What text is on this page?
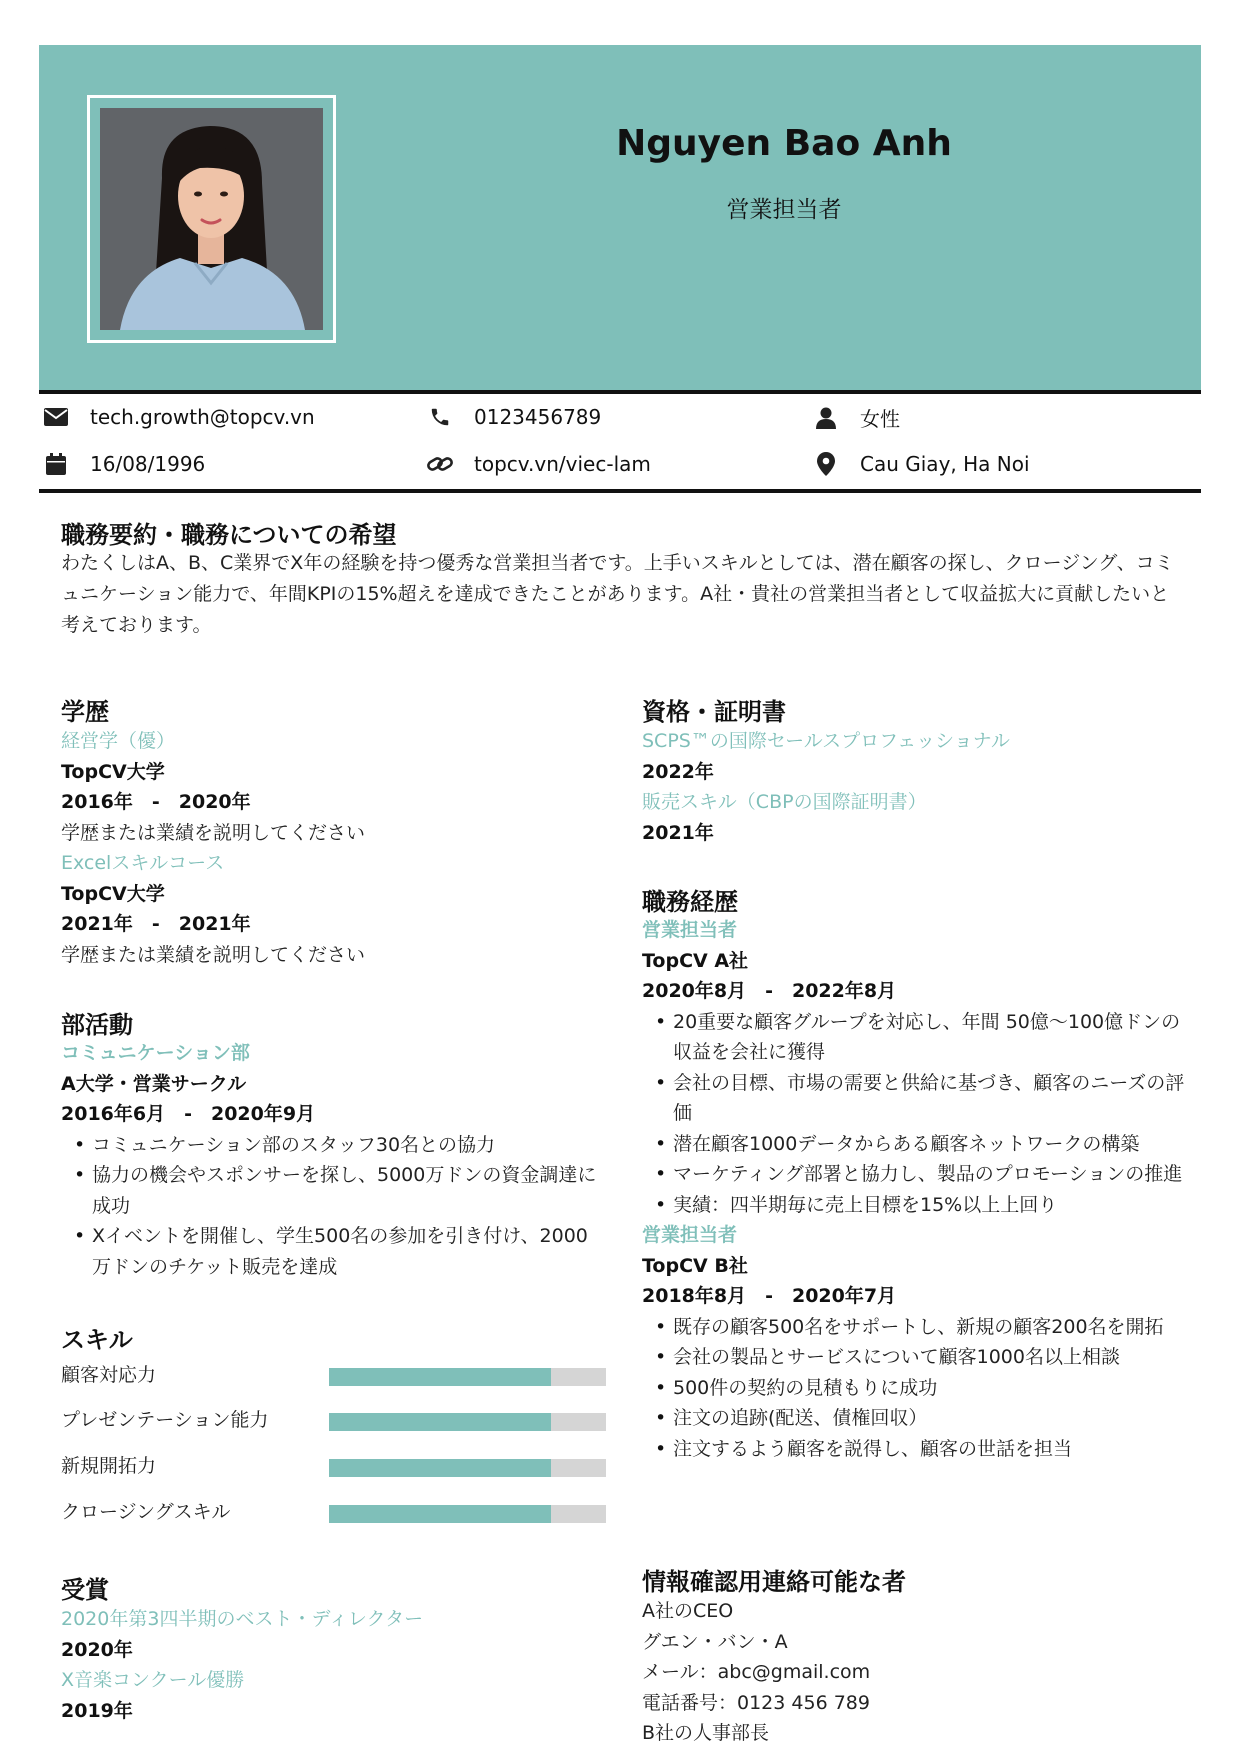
Nguyen Bao Anh
営業担当者
tech.growth@topcv.vn	0123456789	女性
16/08/1996	topcv.vn/viec-lam	Cau Giay, Ha Noi
職務要約・職務についての希望
わたくしはA、B、C業界でX年の経験を持つ優秀な営業担当者です。上手いスキルとしては、潜在顧客の探し、クロージング、コミュニケーション能力で、年間KPIの15%超えを達成できたことがあります。A社・貴社の営業担当者として収益拡大に貢献したいと考えております。
学歴
経営学（優）
TopCV大学
2016年　-　2020年
学歴または業績を説明してください
Excelスキルコース
TopCV大学
2021年　-　2021年
学歴または業績を説明してください
部活動
コミュニケーション部
A大学・営業サークル
2016年6月　-　2020年9月
• コミュニケーション部のスタッフ30名との協力
• 協力の機会やスポンサーを探し、5000万ドンの資金調達に成功
• Xイベントを開催し、学生500名の参加を引き付け、2000万ドンのチケット販売を達成
スキル
顧客対応力
プレゼンテーション能力
新規開拓力
クロージングスキル
受賞
2020年第3四半期のベスト・ディレクター
2020年
X音楽コンクール優勝
2019年
資格・証明書
SCPS™の国際セールスプロフェッショナル
2022年
販売スキル（CBPの国際証明書）
2021年
職務経歴
営業担当者
TopCV A社
2020年8月　-　2022年8月
• 20重要な顧客グループを対応し、年間 50億～100億ドンの収益を会社に獲得
• 会社の目標、市場の需要と供給に基づき、顧客のニーズの評価
• 潜在顧客1000データからある顧客ネットワークの構築
• マーケティング部署と協力し、製品のプロモーションの推進
• 実績：四半期毎に売上目標を15%以上上回り
営業担当者
TopCV B社
2018年8月　-　2020年7月
• 既存の顧客500名をサポートし、新規の顧客200名を開拓
• 会社の製品とサービスについて顧客1000名以上相談
• 500件の契約の見積もりに成功
• 注文の追跡(配送、債権回収）
• 注文するよう顧客を説得し、顧客の世話を担当
情報確認用連絡可能な者
A社のCEO
グエン・バン・A
メール：abc@gmail.com
電話番号：0123 456 789
B社の人事部長
